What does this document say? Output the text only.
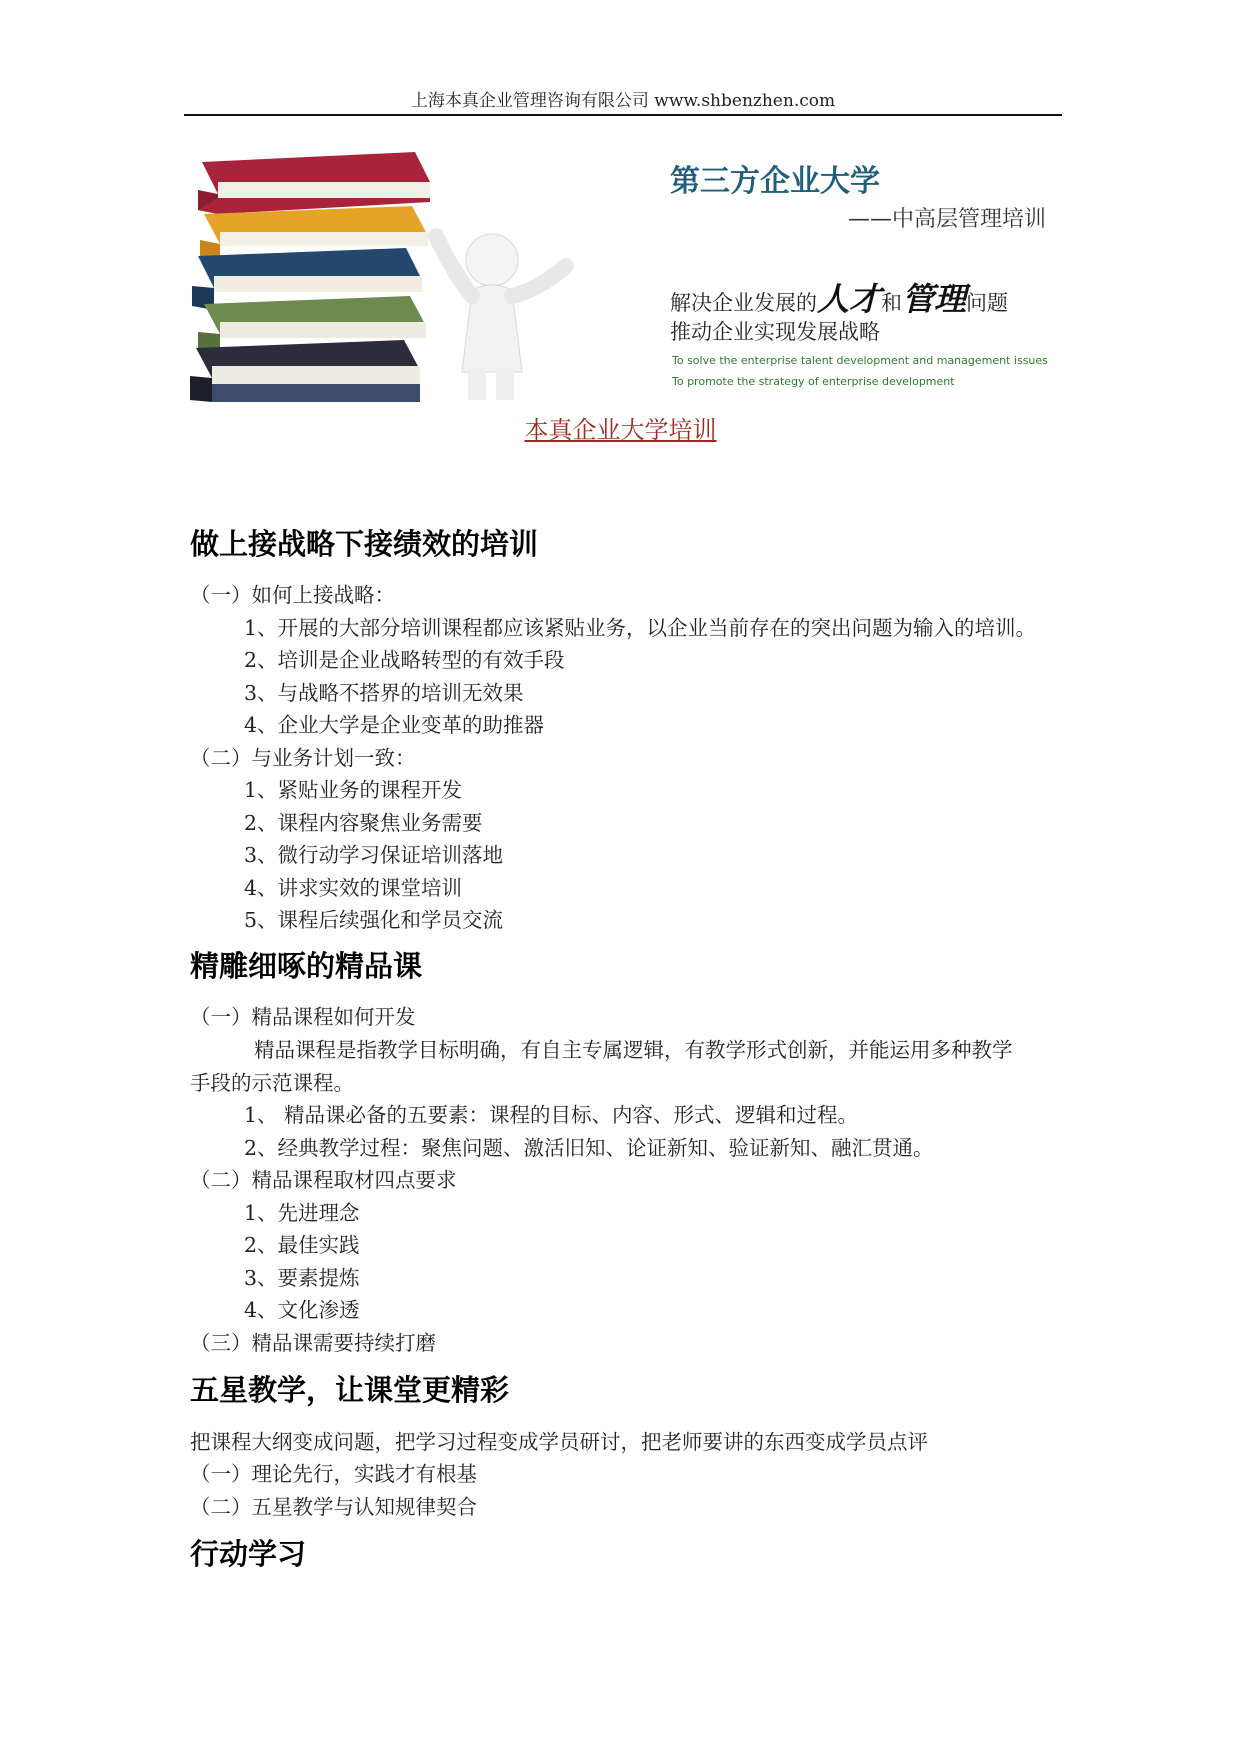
上海本真企业管理咨询有限公司 www.shbenzhen.com
第三方企业大学
——中高层管理培训
解决企业发展的人才和管理问题
推动企业实现发展战略
To solve the enterprise talent development and management issues
To promote the strategy of enterprise development
本真企业大学培训
做上接战略下接绩效的培训
（一）如何上接战略：
1、开展的大部分培训课程都应该紧贴业务，以企业当前存在的突出问题为输入的培训。
2、培训是企业战略转型的有效手段
3、与战略不搭界的培训无效果
4、企业大学是企业变革的助推器
（二）与业务计划一致：
1、紧贴业务的课程开发
2、课程内容聚焦业务需要
3、微行动学习保证培训落地
4、讲求实效的课堂培训
5、课程后续强化和学员交流
精雕细啄的精品课
（一）精品课程如何开发
精品课程是指教学目标明确，有自主专属逻辑，有教学形式创新，并能运用多种教学
手段的示范课程。
1、 精品课必备的五要素：课程的目标、内容、形式、逻辑和过程。
2、经典教学过程：聚焦问题、激活旧知、论证新知、验证新知、融汇贯通。
（二）精品课程取材四点要求
1、先进理念
2、最佳实践
3、要素提炼
4、文化渗透
（三）精品课需要持续打磨
五星教学，让课堂更精彩
把课程大纲变成问题，把学习过程变成学员研讨，把老师要讲的东西变成学员点评
（一）理论先行，实践才有根基
（二）五星教学与认知规律契合
行动学习
